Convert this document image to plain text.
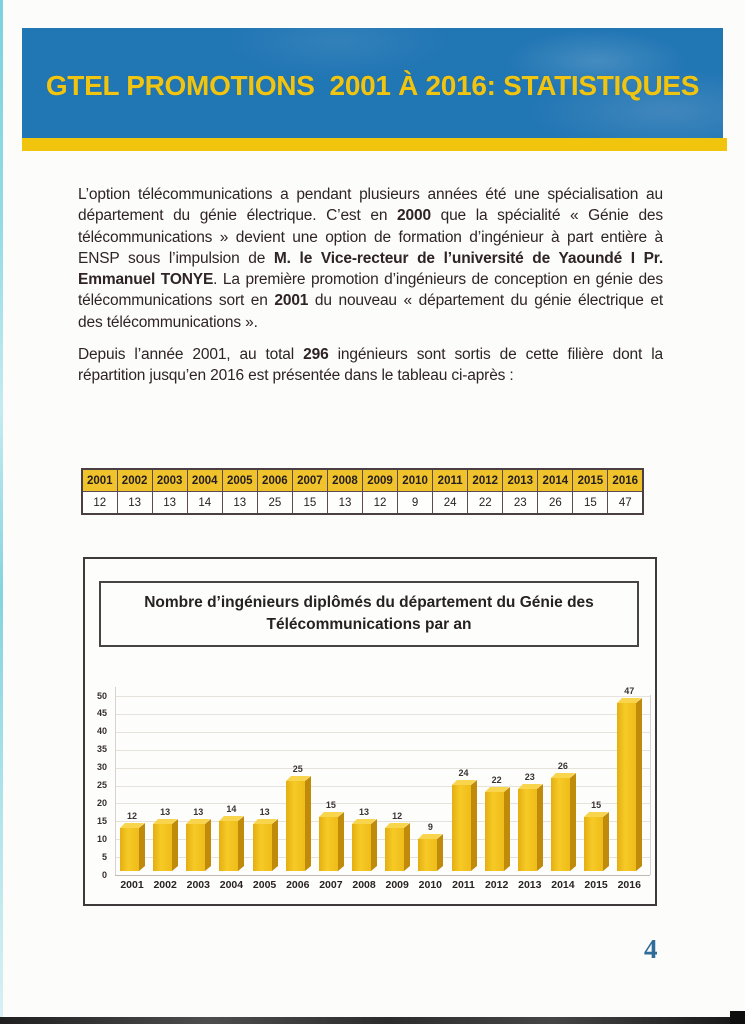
GTEL PROMOTIONS  2001 À 2016: STATISTIQUES
L’option télécommunications a pendant plusieurs années été une spécialisation au département du génie électrique. C’est en 2000 que la spécialité « Génie des télécommunications » devient une option de formation d’ingénieur à part entière à ENSP sous l’impulsion de M. le Vice-recteur de l’université de Yaoundé I Pr. Emmanuel TONYE. La première promotion d’ingénieurs de conception en génie des télécommunications sort en 2001 du nouveau « département du génie électrique et des télécommunications ».
Depuis l’année 2001, au total 296 ingénieurs sont sortis de cette filière dont la répartition jusqu’en 2016 est présentée dans le tableau ci-après :
2001	2002	2003	2004	2005	2006	2007	2008	2009	2010	2011	2012	2013	2014	2015	2016
12	13	13	14	13	25	15	13	12	9	24	22	23	26	15	47
Nombre d’ingénieurs diplômés du département du Génie des Télécommunications par an
0
5
10
15
20
25
30
35
40
45
50
12
2001
13
2002
13
2003
14
2004
13
2005
25
2006
15
2007
13
2008
12
2009
9
2010
24
2011
22
2012
23
2013
26
2014
15
2015
47
2016
4
